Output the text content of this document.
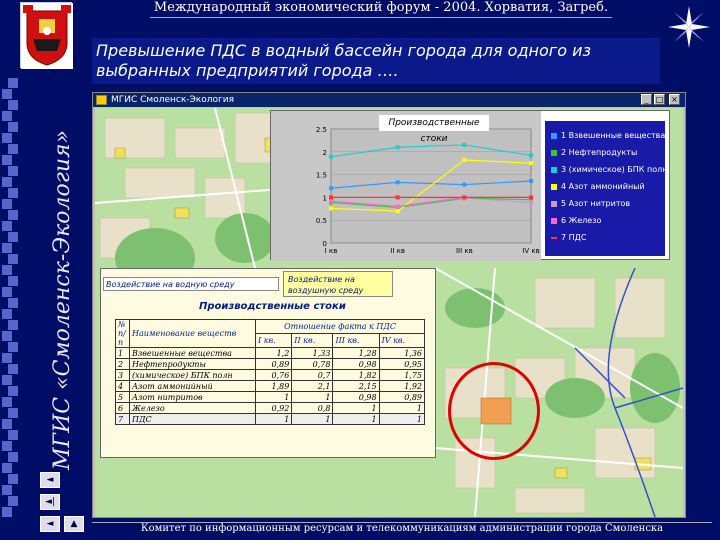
МГИС «Смоленск-Экология»
Международный экономический форум - 2004. Хорватия, Загреб.
Превышение ПДС в водный бассейн города для одного из выбранных предприятий города ….
МГИС Смоленск-Экология	_ □ ×
0
0.5
1
1.5
2
2.5
I кв	II кв	III кв	IV кв
Производственные стоки	1 Взвешенные вещества
2 Нефтепродукты
3 (химическое) БПК полн.
4 Азот аммонийный
5 Азот нитритов
6 Железо
7 ПДС
Воздействие на водную среду
Воздействие на воздушную среду
Производственные стоки
№ п/п	Наименование веществ	Отношение факта к ПДС			
		I кв.	II кв.	III кв.	IV кв.
1	Взвешенные вещества	1,2	1,33	1,28	1,36
2	Нефтепродукты	0,89	0,78	0,98	0,95
3	(химическое) БПК полн	0,76	0,7	1,82	1,75
4	Азот аммонийный	1,89	2,1	2,15	1,92
5	Азот нитритов	1	1	0,98	0,89
6	Железо	0,92	0,8	1	1
7	ПДС	1	1	1	1
◄
◄|
◄	▲	Комитет по информационным ресурсам и телекоммуникациям администрации города Смоленска
